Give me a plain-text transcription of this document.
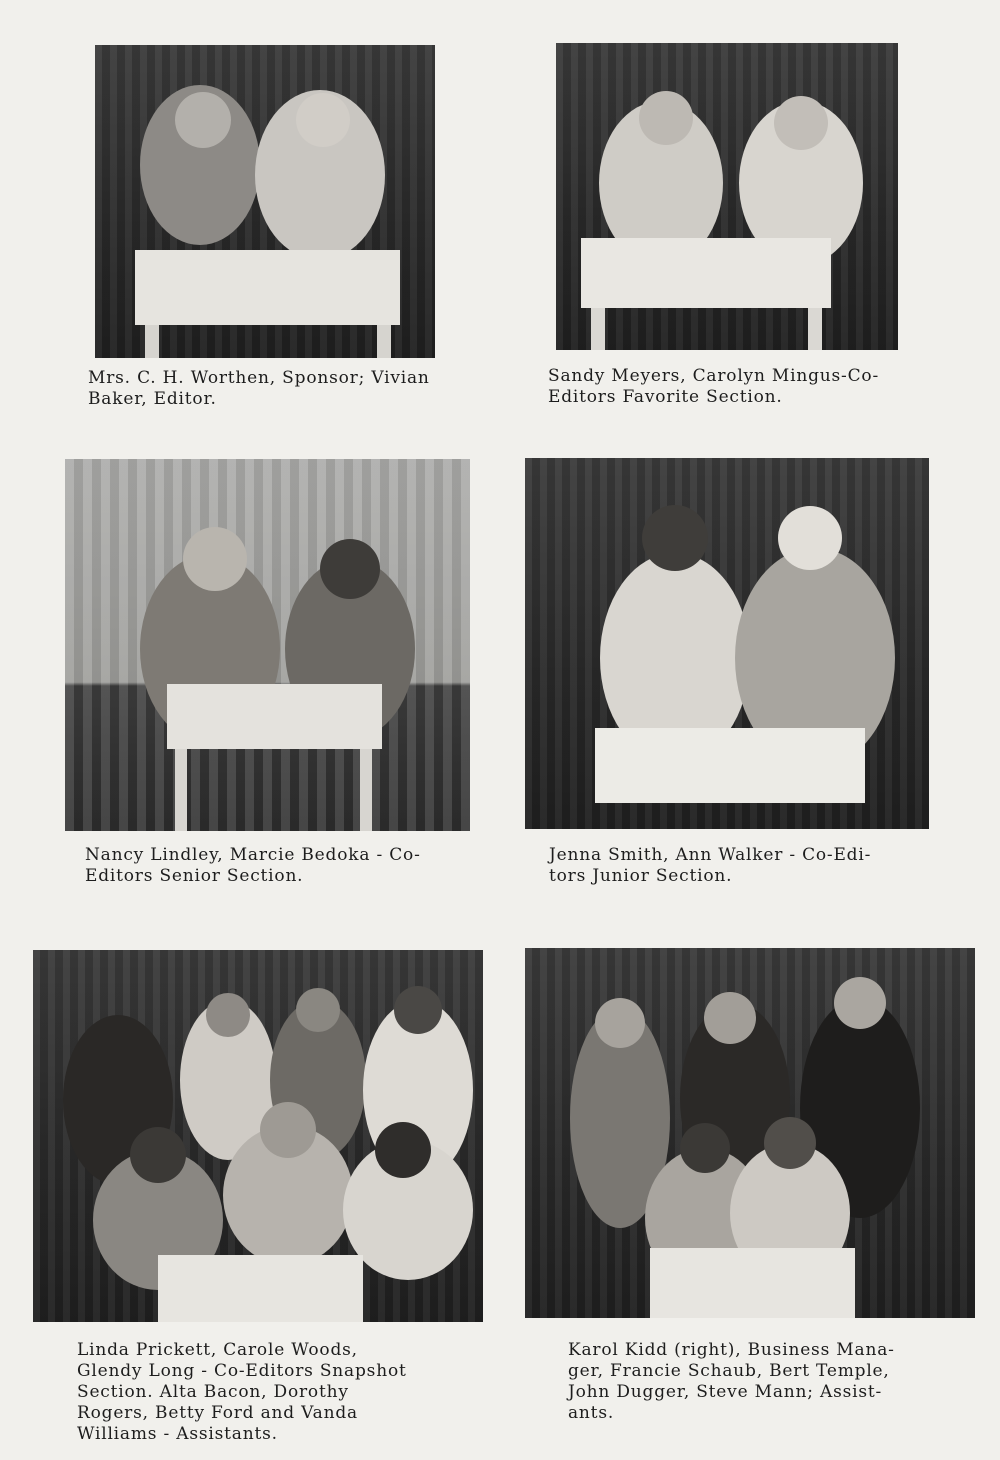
Mrs. C. H. Worthen, Sponsor; Vivian
Baker, Editor.

Sandy Meyers, Carolyn Mingus-Co-
Editors Favorite Section.

Nancy Lindley, Marcie Bedoka - Co-
Editors Senior Section.

Jenna Smith, Ann Walker - Co-Edi-
tors Junior Section.

Linda Prickett, Carole Woods,
Glendy Long - Co-Editors Snapshot
Section. Alta Bacon, Dorothy
Rogers, Betty Ford and Vanda
Williams - Assistants.

Karol Kidd (right), Business Mana-
ger, Francie Schaub, Bert Temple,
John Dugger, Steve Mann; Assist-
ants.
